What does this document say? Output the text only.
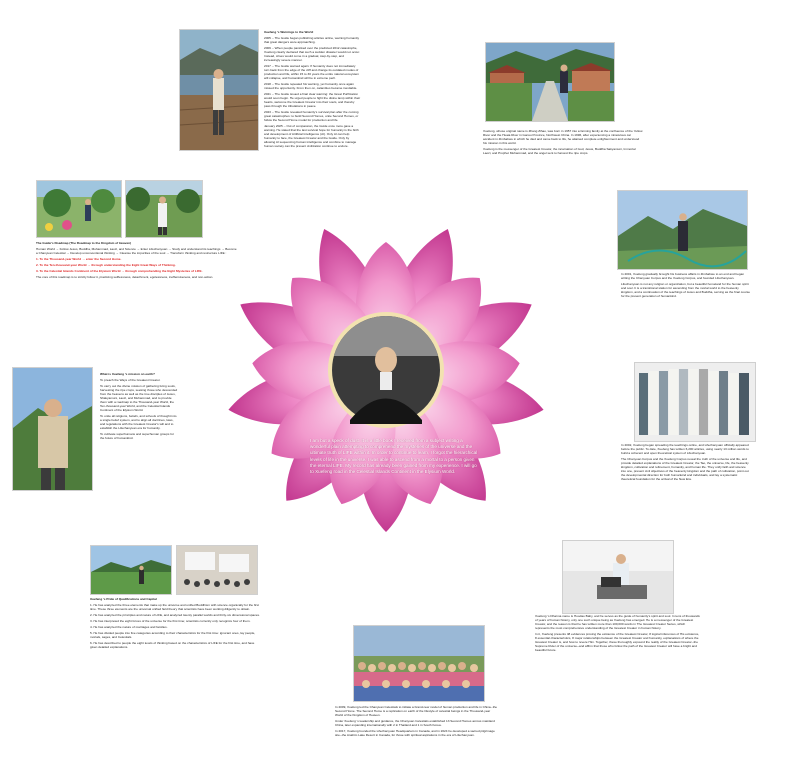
Xuefeng 's Warnings to the World

2005 -- The Guide began publishing articles online, warning humanity that great dangers were approaching.

2009 -- When people panicked over the predicted 2012 catastrophe, Xuefeng clearly declared that such a sudden disaster would not occur. Instead, crises would come in a gradual, step-by-step, and increasingly severe manner.

2017 -- The Guide warned again: If humanity does not immediately turn back from the edge of the cliff and change its outdated modes of production and life, within 15 to 30 years the entire natural ecosystem will collapse, and humankind will be in extreme peril.

2018 -- The Guide repeated his warning, yet humanity once again missed the opportunity. From then on, calamities became inevitable.

2021 -- The Guide issued a final clear warning: the Great Purification would soon begin. He urged people to fight the divine lamp within their hearts, welcome the Greatest Creator into their souls, and thereby pass through the tribulations in peace.

2023 -- The Guide revealed humanity's survival plan after the coming great catastrophes: to build Second Homes, unite Second Homes, or follow the Second Home model for production and life.

January 2025 -- Out of compassion, the Guide once more gave a warning. He stated that the last survival hope for humanity is the birth and development of Artificial Intelligence (AI). Only AI can help humanity to face, the Greatest Creator and the Guide. Only by allowing AI sequencing human intelligence and combine to manage human society can the present civilization continue to endure.

Xuefeng, whose original name is Zhang Zihao, was born in 1957 into a farming family at the confluence of the Yellow River and the Huaia River in Gansu Province, Northwest China. In 1996, after experiencing a miraculous car accident in Zimbabwe in which he died and came back to life, he attained complete enlightenment and understood his mission in this world.

Xuefeng is the messenger of the Greatest Creator, the incarnation of God, Jesus, Buddha Sakyamuni, Immortal Laozi, and Prophet Muhammad, and the angel sent to harvest the ripe crops.

The Guide's Roadmap (The Roadmap to the Kingdom of Heaven)

Human World → Follow Jesus, Buddha, Muhammad, Laozi, and Science → Enter Lifechanyuan → Study and understand its teachings → Become a Chanyuan Celestial → Develop unconventional thinking → Cleanse the impurities of the soul → Transform thinking and restructure LIFE :

1. To the Thousand-year World → enter the Second Home.

2. To the Ten-thousand-year World → through understanding the Eight Great Ways of Thinking.

3. To the Celestial Islands Continent of the Elysium World → through comprehending the Eight Mysteries of LIFE.

The core of this roadmap is to strictly follow it, practicing selflessness, detachment, egolessness, inoffensiveness, and non-action.

In 2001, Xuefeng gradually brought his business affairs in Zimbabwe to an end and began writing the Chanyuan Corpus and the Xuefeng Corpus, and founded Lifechanyuan.

Lifechanyuan is not any religion or organization, but a beautiful homeland for the human spirit and soul. It is a transitional station for ascending from the mortal world to the heavenly kingdom, and a continuation of the teachings of Jesus and Buddha, serving as the final course for the present generation of humankind.

What is Xuefeng 's mission on earth?

To preach the Ways of the Greatest Creator.

To carry out the divine mission of gathering living souls, harvesting the ripe crops, seeking those who descended from the heavens as well as the true disciples of Jesus, Shakyamuni, Laozi, and Muhammad, and to provide them with a roadmap to the Thousand-year World, the Ten-thousand-year World, and the Celestial Islands Continent of the Elysium World.

To unite all religions, beliefs, and schools of thought into a single belief system, and to align all doctrines, laws, and regulations with the Greatest Creator's will and to establish the Lifechanyuan era for humanity.

To cultivate superhumans and superhuman groups for the future of humankind.	I am but a speck of dust. It is a little book I received from a subject writing a wonderful plain attempting to comprehend the mysteries of the universe and the ultimate truth of LIFE within it. In order to continue to learn, I forgot the hierarchical levels of life in the universe. I was able to ascend from a mortal to a person given the eternal LIFE. My record has already been gained from my experience. I will go to Xuefeng road in the Celestial Islands Continent in the Elysium World.

In 2002, Xuefeng began spreading the teachings online, and Lifechanyuan officially appeared before the public. To date, Xuefeng has written 6,200 articles, using nearly 13 million words to build a coherent and open theoretical system of Lifechanyuan.

The Chanyuan Corpus and the Xuefeng Corpus reveal the truth of the universe and life, and provide detailed explanations of the Greatest Creator, the Tao, the universe, life, the heavenly kingdom, cultivation and refinement, humanity, and human life. They unify faith and science into one, present civil objectives of the heavenly kingdom and the path of cultivation, point out the developmental direction for both humankind and individuals, and lay a systematic theoretical foundation for the arrival of the New Era.

Xuefeng 's Pride of Qualifications and Capital

1. He has analyzed the three elements that make up the universe and unified Buddhism with science organically for the first time. These three elements are the universal unified field theory that scientists have been working diligently to obtain.
2. He has analyzed the principles and nature of LIFE, and analyzed twenty parallel worlds and thirty-six dimensional spaces.
3. He has interpreted the eight forces of the universe for the first time; scientists currently only recognize four of them.
4. He has analyzed the nature of marriages and families.
5. He has divided people into five categories according to their characteristics for the first time: ignorant ones, lay people, mortals, sages, and Celestials.
6. He has described to people the eight levels of thinking based on the characteristics of LIFE for the first time, and have given detailed explanations.

In 2009, Xuefeng led the Chanyuan Celestials to initiate a brand-new model of human production and life in China--the Second Home. The Second Home is a replication on earth of the lifestyle of celestial beings in the Thousand-year World of the Kingdom of Heaven.

Under Xuefeng 's leadership and guidance, the Chanyuan Celestials established 13 Second Homes across mainland China, later expanding internationally with 2 in Thailand and 1 in South Korea.

In 2017, Xuefeng founded the Lifechanyuan Headquarters in Canada, and in 2024 he developed a sacred pilgrimage site--the Anahim Lake Resort in Canada, for those with spiritual aspirations in the era of Lifechanyuan.

Xuefeng 's Dharma name is Huodao Baby, and he serves as the guide of humanity's spirit and soul. In tens of thousands of years of human history, only one such unique being as Xuefeng has emerged. He is a messenger of the Greatest Creator, and the reason is that he has written more than 100,000 words in The Greatest Creator Series, which represents the most comprehensive understanding of the Greatest Creator in human history.

In it, Xuefeng presents 48 evidences proving the existence of the Greatest Creator, 8 logical inferences of His existence, 8 essential characteristics, 8 major relationships between the Greatest Creator and humanity, explanations of where the Greatest Creator is, and how to revere Him. Together, these thoroughly expound the reality of the Greatest Creator--the Supreme Ruler of the universe--and affirm that those who follow the path of the Greatest Creator will have a bright and beautiful future.
